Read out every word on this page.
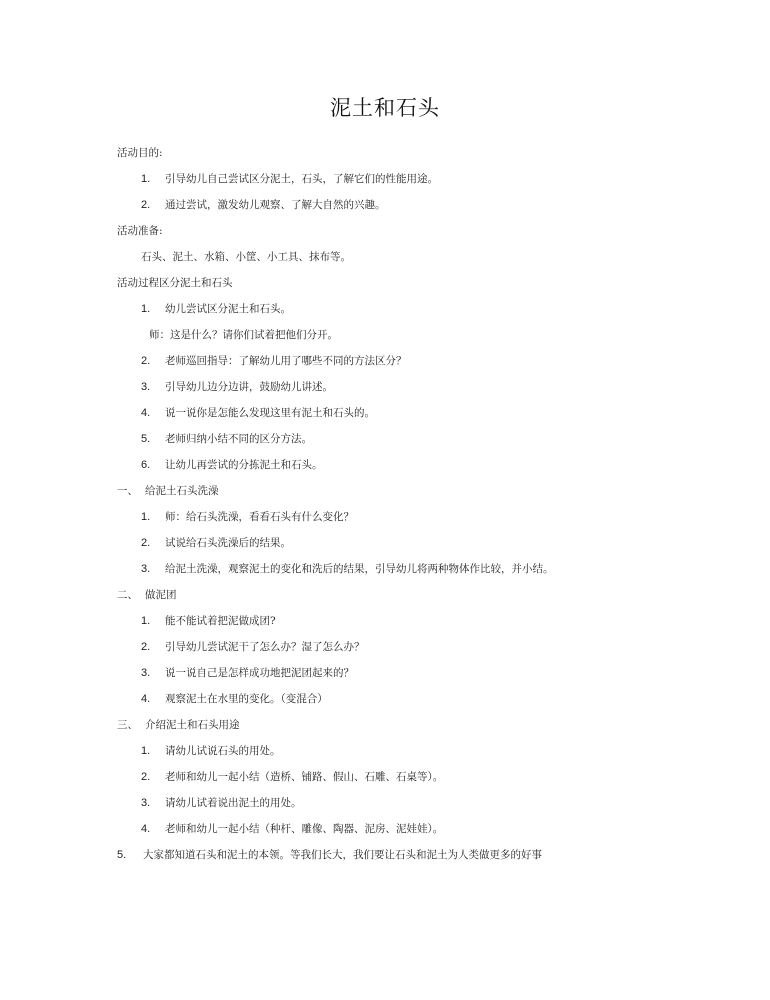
泥土和石头
活动目的:
1. 引导幼儿自己尝试区分泥土，石头，了解它们的性能用途。
2. 通过尝试，激发幼儿观察、了解大自然的兴趣。
活动准备:
石头、泥土、水箱、小筐、小工具、抹布等。
活动过程区分泥土和石头
1. 幼儿尝试区分泥土和石头。
师：这是什么？请你们试着把他们分开。
2. 老师巡回指导：了解幼儿用了哪些不同的方法区分？
3. 引导幼儿边分边讲，鼓励幼儿讲述。
4. 说一说你是怎能么发现这里有泥土和石头的。
5. 老师归纳小结不同的区分方法。
6. 让幼儿再尝试的分拣泥土和石头。
一、 给泥土石头洗澡
1. 师：给石头洗澡，看看石头有什么变化？
2. 试说给石头洗澡后的结果。
3. 给泥土洗澡，观察泥土的变化和洗后的结果，引导幼儿将两种物体作比较，并小结。
二、 做泥团
1. 能不能试着把泥做成团?
2. 引导幼儿尝试泥干了怎么办？湿了怎么办？
3. 说一说自己是怎样成功地把泥团起来的？
4. 观察泥土在水里的变化。（变混合）
三、 介绍泥土和石头用途
1. 请幼儿试说石头的用处。
2. 老师和幼儿一起小结（造桥、铺路、假山、石雕、石桌等）。
3. 请幼儿试着说出泥土的用处。
4. 老师和幼儿一起小结（种杆、雕像、陶器、泥房、泥娃娃）。
5. 大家都知道石头和泥土的本领。等我们长大，我们要让石头和泥土为人类做更多的好事
